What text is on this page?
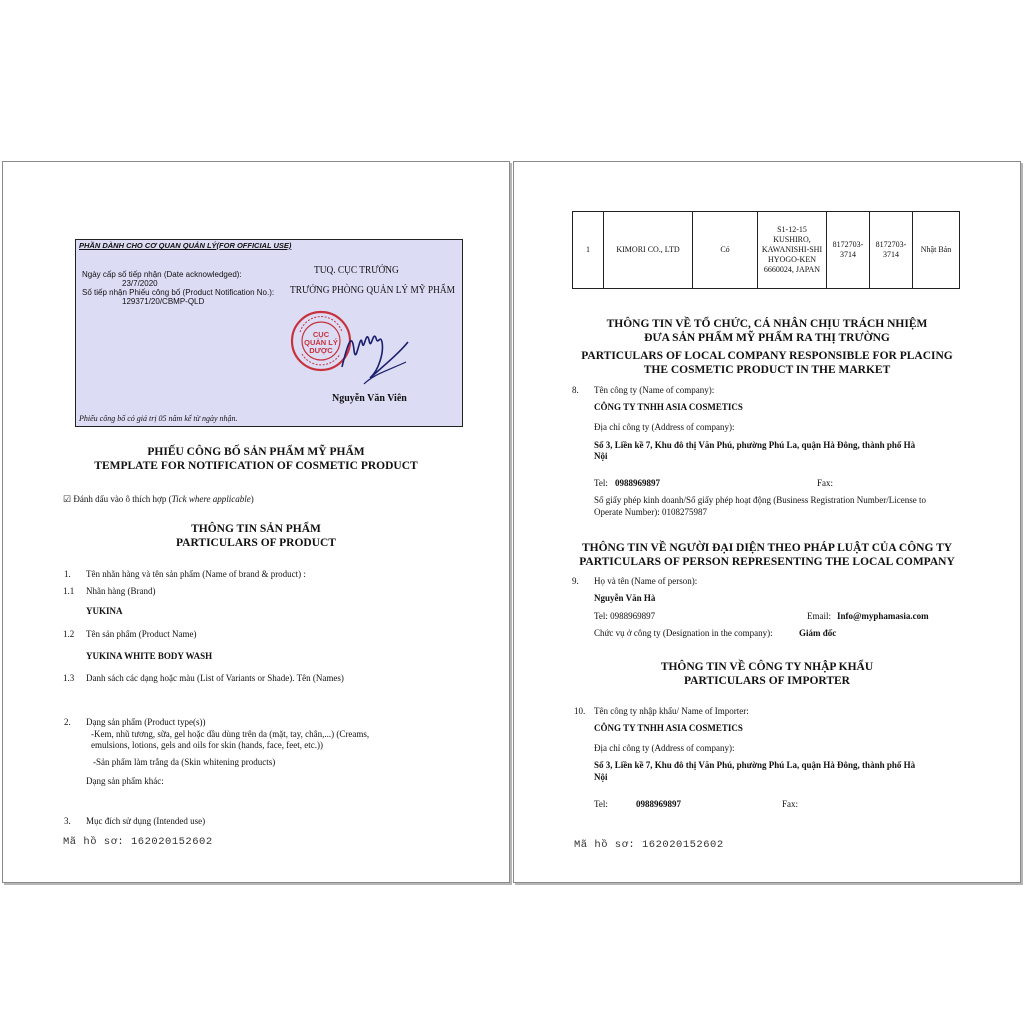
PHẦN DÀNH CHO CƠ QUAN QUẢN LÝ(FOR OFFICIAL USE)
Ngày cấp số tiếp nhận (Date acknowledged):
23/7/2020
Số tiếp nhận Phiếu công bố (Product Notification No.):
129371/20/CBMP-QLD
TUQ. CỤC TRƯỞNG
TRƯỞNG PHÒNG QUẢN LÝ MỸ PHẨM
CỤC
QUẢN LÝ
DƯỢC
Nguyễn Văn Viên
Phiếu công bố có giá trị 05 năm kể từ ngày nhận.
PHIẾU CÔNG BỐ SẢN PHẨM MỸ PHẨM
TEMPLATE FOR NOTIFICATION OF COSMETIC PRODUCT
☑ Đánh dấu vào ô thích hợp (Tick where applicable)
THÔNG TIN SẢN PHẨM
PARTICULARS OF PRODUCT
1. Tên nhãn hàng và tên sản phẩm (Name of brand & product) :
1.1 Nhãn hàng (Brand)
YUKINA
1.2 Tên sản phẩm (Product Name)
YUKINA WHITE BODY WASH
1.3 Danh sách các dạng hoặc màu (List of Variants or Shade). Tên (Names)
2. Dạng sản phẩm (Product type(s))
-Kem, nhũ tương, sữa, gel hoặc dầu dùng trên da (mặt, tay, chân,...) (Creams,
emulsions, lotions, gels and oils for skin (hands, face, feet, etc.))
-Sản phẩm làm trắng da (Skin whitening products)
Dạng sản phẩm khác:
3. Mục đích sử dụng (Intended use)
Mã hồ sơ: 162020152602
1	KIMORI CO., LTD	Có	S1-12-15 KUSHIRO, KAWANISHI-SHI HYOGO-KEN 6660024, JAPAN	8172703-3714	8172703-3714	Nhật Bản
THÔNG TIN VỀ TỔ CHỨC, CÁ NHÂN CHỊU TRÁCH NHIỆM
ĐƯA SẢN PHẨM MỸ PHẨM RA THỊ TRƯỜNG
PARTICULARS OF LOCAL COMPANY RESPONSIBLE FOR PLACING
THE COSMETIC PRODUCT IN THE MARKET
8. Tên công ty (Name of company):
CÔNG TY TNHH ASIA COSMETICS
Địa chỉ công ty (Address of company):
Số 3, Liền kề 7, Khu đô thị Văn Phú, phường Phú La, quận Hà Đông, thành phố Hà
Nội
Tel: 0988969897	Fax:
Số giấy phép kinh doanh/Số giấy phép hoạt động (Business Registration Number/License to
Operate Number): 0108275987
THÔNG TIN VỀ NGƯỜI ĐẠI DIỆN THEO PHÁP LUẬT CỦA CÔNG TY
PARTICULARS OF PERSON REPRESENTING THE LOCAL COMPANY
9. Họ và tên (Name of person):
Nguyễn Văn Hà
Tel: 0988969897	Email: Info@myphamasia.com
Chức vụ ở công ty (Designation in the company):	Giám đốc
THÔNG TIN VỀ CÔNG TY NHẬP KHẨU
PARTICULARS OF IMPORTER
10. Tên công ty nhập khẩu/ Name of Importer:
CÔNG TY TNHH ASIA COSMETICS
Địa chỉ công ty (Address of company):
Số 3, Liền kề 7, Khu đô thị Văn Phú, phường Phú La, quận Hà Đông, thành phố Hà
Nội
Tel:	0988969897	Fax:
Mã hồ sơ: 162020152602
